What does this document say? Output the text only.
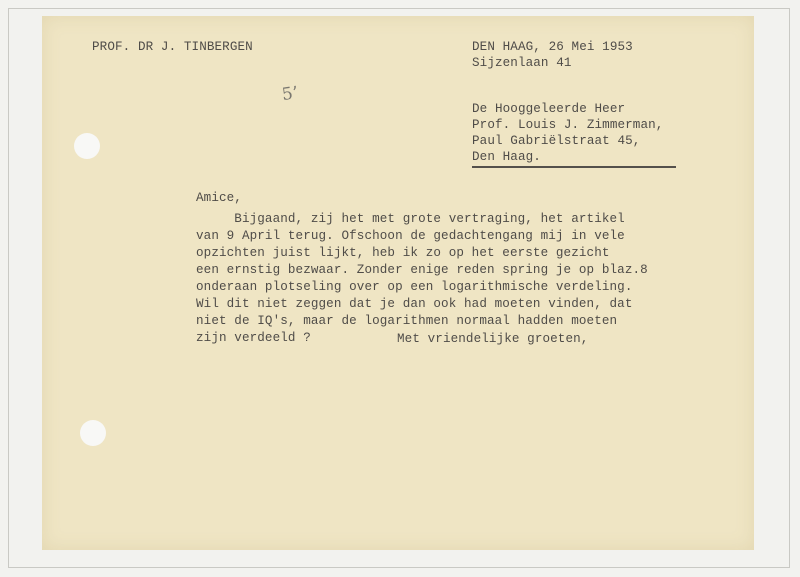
PROF. DR J. TINBERGEN	DEN HAAG, 26 Mei 1953
Sijzenlaan 41
5’
De Hooggeleerde Heer
Prof. Louis J. Zimmerman,
Paul Gabriëlstraat 45,
Den Haag.
Amice,
Bijgaand, zij het met grote vertraging, het artikel
van 9 April terug. Ofschoon de gedachtengang mij in vele
opzichten juist lijkt, heb ik zo op het eerste gezicht
een ernstig bezwaar. Zonder enige reden spring je op blaz.8
onderaan plotseling over op een logarithmische verdeling.
Wil dit niet zeggen dat je dan ook had moeten vinden, dat
niet de IQ's, maar de logarithmen normaal hadden moeten
zijn verdeeld ?	Met vriendelijke groeten,
